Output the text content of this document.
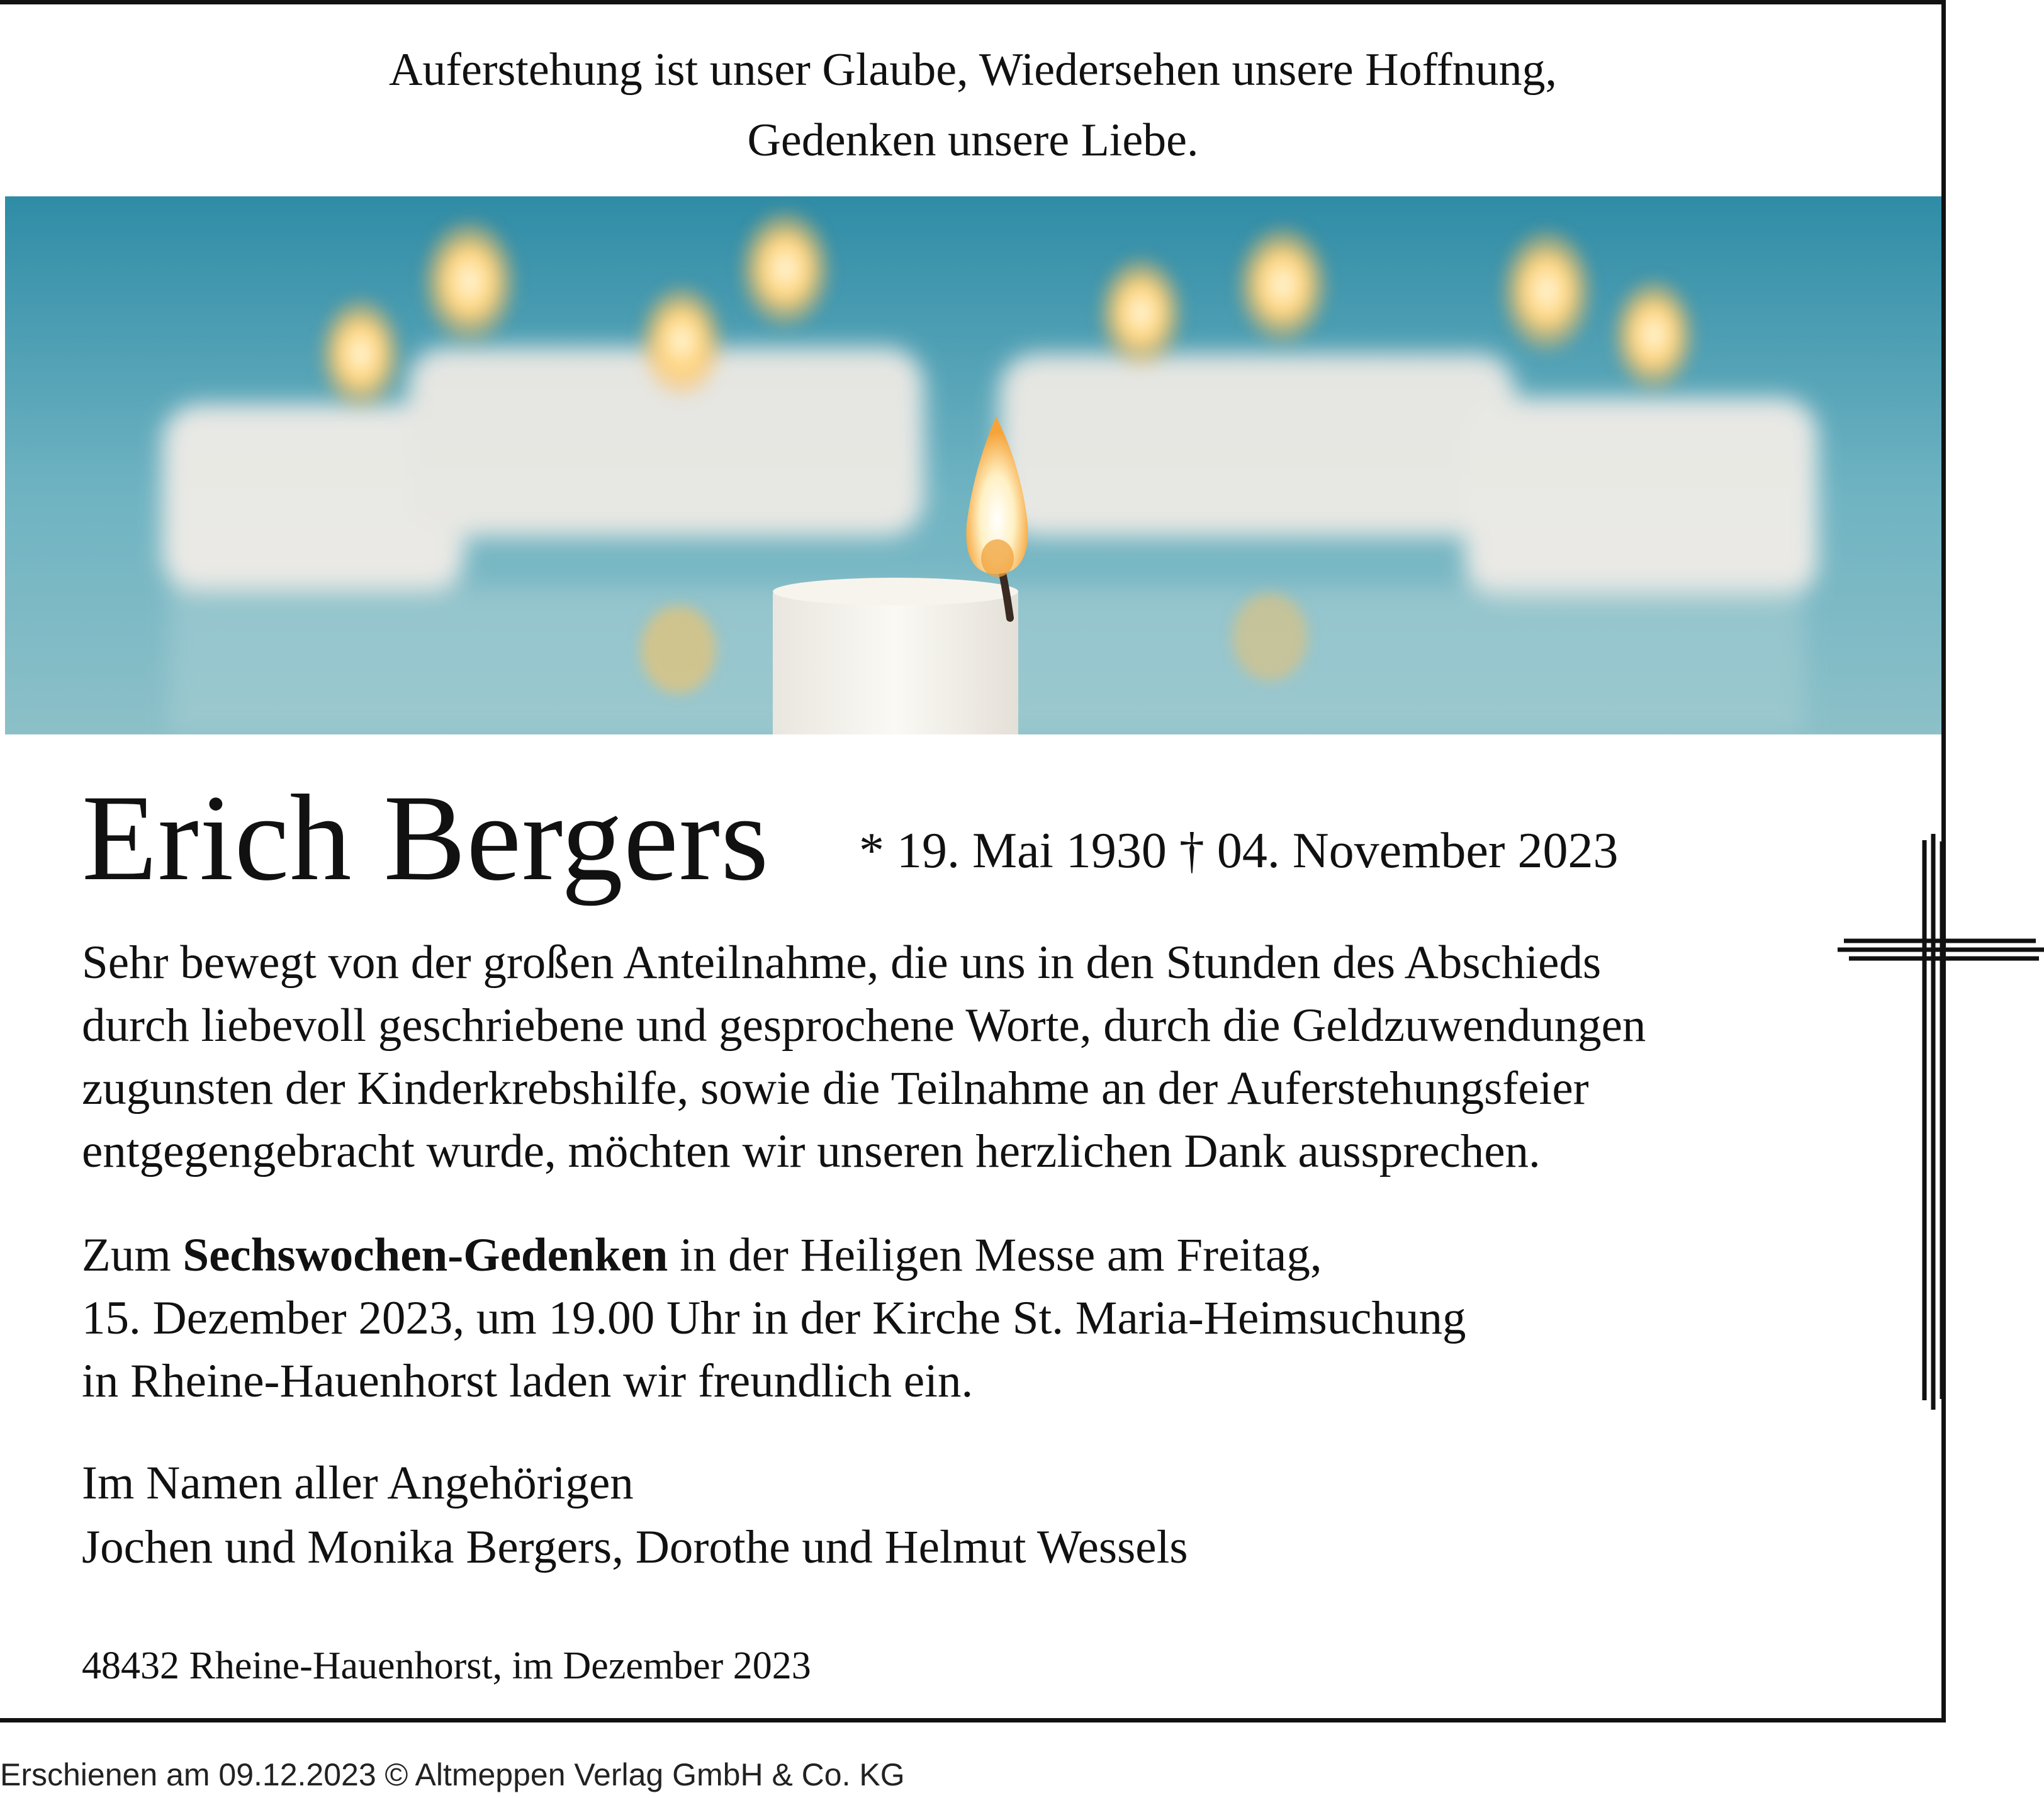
Auferstehung ist unser Glaube, Wiedersehen unsere Hoffnung,
Gedenken unsere Liebe.
Erich Bergers * 19. Mai 1930 † 04. November 2023
Sehr bewegt von der großen Anteilnahme, die uns in den Stunden des Abschieds
durch liebevoll geschriebene und gesprochene Worte, durch die Geldzuwendungen
zugunsten der Kinderkrebshilfe, sowie die Teilnahme an der Auferstehungsfeier
entgegengebracht wurde, möchten wir unseren herzlichen Dank aussprechen.
Zum Sechswochen-Gedenken in der Heiligen Messe am Freitag,
15. Dezember 2023, um 19.00 Uhr in der Kirche St. Maria-Heimsuchung
in Rheine-Hauenhorst laden wir freundlich ein.
Im Namen aller Angehörigen
Jochen und Monika Bergers, Dorothe und Helmut Wessels
48432 Rheine-Hauenhorst, im Dezember 2023
Erschienen am 09.12.2023 © Altmeppen Verlag GmbH & Co. KG
